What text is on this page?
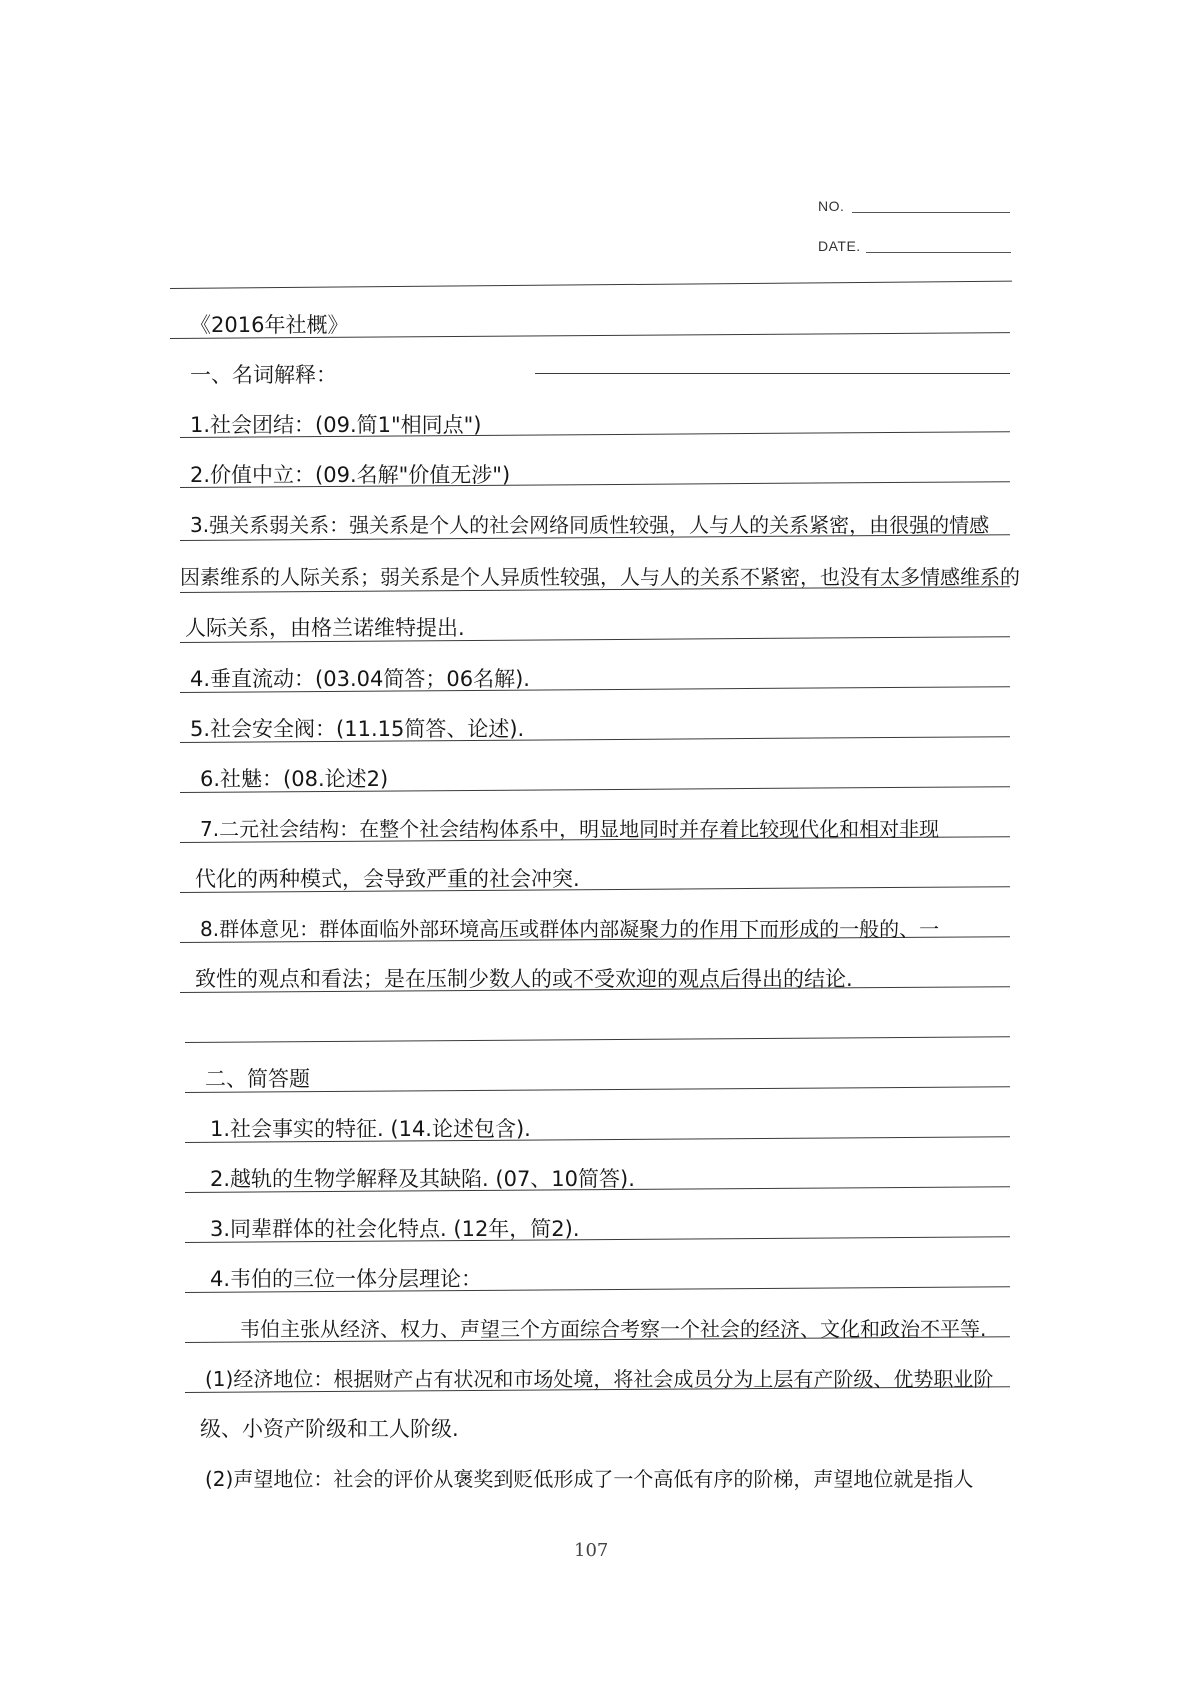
NO.
DATE.
《2016年社概》
一、名词解释：
1.社会团结：(09.简1"相同点")
2.价值中立：(09.名解"价值无涉")
3.强关系弱关系：强关系是个人的社会网络同质性较强，人与人的关系紧密，由很强的情感
因素维系的人际关系；弱关系是个人异质性较强，人与人的关系不紧密，也没有太多情感维系的
人际关系，由格兰诺维特提出.
4.垂直流动：(03.04简答；06名解).
5.社会安全阀：(11.15简答、论述).
6.社魅：(08.论述2)
7.二元社会结构：在整个社会结构体系中，明显地同时并存着比较现代化和相对非现
代化的两种模式，会导致严重的社会冲突.
8.群体意见：群体面临外部环境高压或群体内部凝聚力的作用下而形成的一般的、一
致性的观点和看法；是在压制少数人的或不受欢迎的观点后得出的结论.
二、简答题
1.社会事实的特征. (14.论述包含).
2.越轨的生物学解释及其缺陷. (07、10简答).
3.同辈群体的社会化特点. (12年，简2).
4.韦伯的三位一体分层理论：
韦伯主张从经济、权力、声望三个方面综合考察一个社会的经济、文化和政治不平等.
(1)经济地位：根据财产占有状况和市场处境，将社会成员分为上层有产阶级、优势职业阶
级、小资产阶级和工人阶级.
(2)声望地位：社会的评价从褒奖到贬低形成了一个高低有序的阶梯，声望地位就是指人
107
